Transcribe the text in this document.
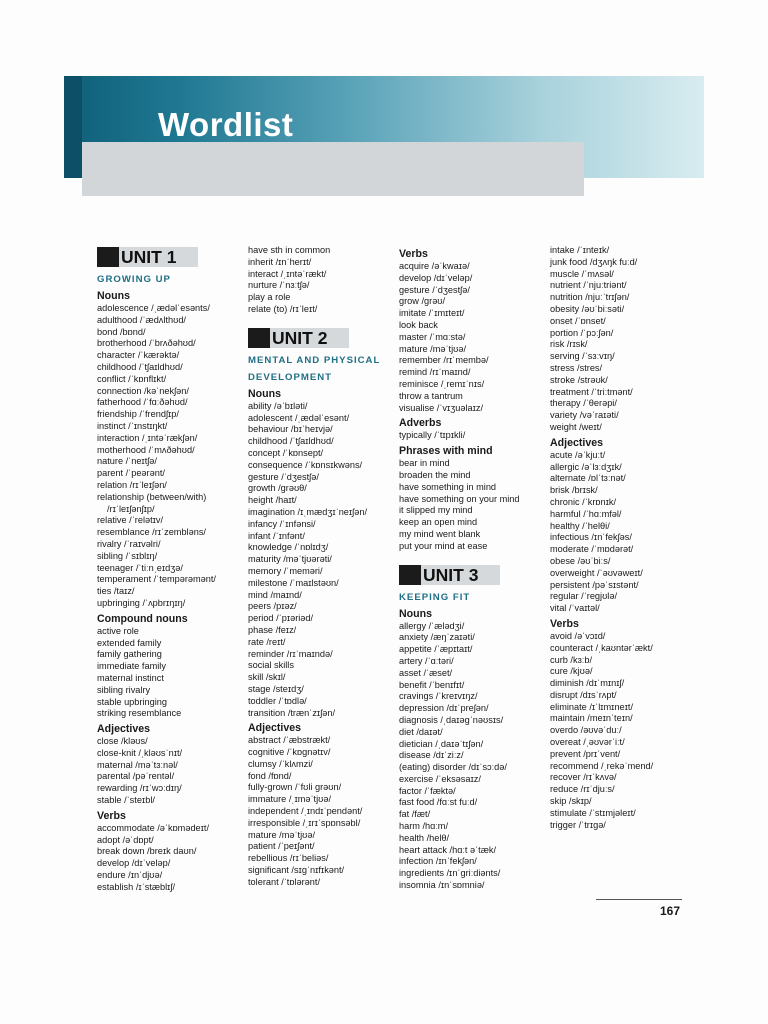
Wordlist
UNIT 1
GROWING UP
Nouns
adolescence /ˌædəlˈesənts/
adulthood /ˈædʌlthʊd/
bond /bɒnd/
brotherhood /ˈbrʌðəhʊd/
character /ˈkærəktə/
childhood /ˈtʃaɪldhʊd/
conflict /ˈkɒnflɪkt/
connection /kəˈnekʃən/
fatherhood /ˈfɑːðəhʊd/
friendship /ˈfrendʃɪp/
instinct /ˈɪnstɪŋkt/
interaction /ˌɪntəˈrækʃən/
motherhood /ˈmʌðəhʊd/
nature /ˈneɪtʃə/
parent /ˈpeərənt/
relation /rɪˈleɪʃən/
relationship (between/with)
/rɪˈleɪʃənʃɪp/
relative /ˈrelətɪv/
resemblance /rɪˈzembləns/
rivalry /ˈraɪvəlri/
sibling /ˈsɪblɪŋ/
teenager /ˈtiːnˌeɪdʒə/
temperament /ˈtempərəmənt/
ties /taɪz/
upbringing /ˈʌpbrɪŋɪŋ/
Compound nouns
active role
extended family
family gathering
immediate family
maternal instinct
sibling rivalry
stable upbringing
striking resemblance
Adjectives
close /kləʊs/
close-knit /ˌkləʊsˈnɪt/
maternal /məˈtɜːnəl/
parental /pəˈrentəl/
rewarding /rɪˈwɔːdɪŋ/
stable /ˈsteɪbl/
Verbs
accommodate /əˈkɒmədeɪt/
adopt /əˈdɒpt/
break down /breɪk daʊn/
develop /dɪˈveləp/
endure /ɪnˈdjʊə/
establish /ɪˈstæblɪʃ/
have sth in common
inherit /ɪnˈherɪt/
interact /ˌɪntəˈrækt/
nurture /ˈnɜːtʃə/
play a role
relate (to) /rɪˈleɪt/
UNIT 2
MENTAL AND PHYSICAL
DEVELOPMENT
Nouns
ability /əˈbɪləti/
adolescent /ˌædəlˈesənt/
behaviour /bɪˈheɪvjə/
childhood /ˈtʃaɪldhʊd/
concept /ˈkɒnsept/
consequence /ˈkɒnsɪkwəns/
gesture /ˈdʒestʃə/
growth /grəʊθ/
height /haɪt/
imagination /ɪˌmædʒɪˈneɪʃən/
infancy /ˈɪnfənsi/
infant /ˈɪnfənt/
knowledge /ˈnɒlɪdʒ/
maturity /məˈtjʊərəti/
memory /ˈmeməri/
milestone /ˈmaɪlstəʊn/
mind /maɪnd/
peers /pɪəz/
period /ˈpɪəriəd/
phase /feɪz/
rate /reɪt/
reminder /rɪˈmaɪndə/
social skills
skill /skɪl/
stage /steɪdʒ/
toddler /ˈtɒdlə/
transition /trænˈzɪʃən/
Adjectives
abstract /ˈæbstrækt/
cognitive /ˈkɒgnətɪv/
clumsy /ˈklʌmzi/
fond /fɒnd/
fully-grown /ˈfʊli grəʊn/
immature /ˌɪməˈtjʊə/
independent /ˌɪndɪˈpendənt/
irresponsible /ˌɪrɪˈspɒnsəbl/
mature /məˈtjʊə/
patient /ˈpeɪʃənt/
rebellious /rɪˈbeliəs/
significant /sɪgˈnɪfɪkənt/
tolerant /ˈtɒlərənt/
Verbs
acquire /əˈkwaɪə/
develop /dɪˈveləp/
gesture /ˈdʒestʃə/
grow /grəʊ/
imitate /ˈɪmɪteɪt/
look back
master /ˈmɑːstə/
mature /məˈtjʊə/
remember /rɪˈmembə/
remind /rɪˈmaɪnd/
reminisce /ˌremɪˈnɪs/
throw a tantrum
visualise /ˈvɪʒuəlaɪz/
Adverbs
typically /ˈtɪpɪkli/
Phrases with mind
bear in mind
broaden the mind
have something in mind
have something on your mind
it slipped my mind
keep an open mind
my mind went blank
put your mind at ease
UNIT 3
KEEPING FIT
Nouns
allergy /ˈælədʒi/
anxiety /æŋˈzaɪəti/
appetite /ˈæpɪtaɪt/
artery /ˈɑːtəri/
asset /ˈæset/
benefit /ˈbenɪfɪt/
cravings /ˈkreɪvɪŋz/
depression /dɪˈpreʃən/
diagnosis /ˌdaɪəgˈnəʊsɪs/
diet /daɪət/
dietician /ˌdaɪəˈtɪʃən/
disease /dɪˈziːz/
(eating) disorder /dɪˈsɔːdə/
exercise /ˈeksəsaɪz/
factor /ˈfæktə/
fast food /fɑːst fuːd/
fat /fæt/
harm /hɑːm/
health /helθ/
heart attack /hɑːt əˈtæk/
infection /ɪnˈfekʃən/
ingredients /ɪnˈgriːdiənts/
insomnia /ɪnˈsɒmniə/
intake /ˈɪnteɪk/
junk food /dʒʌŋk fuːd/
muscle /ˈmʌsəl/
nutrient /ˈnjuːtriənt/
nutrition /njuːˈtrɪʃən/
obesity /əʊˈbiːsəti/
onset /ˈɒnset/
portion /ˈpɔːʃən/
risk /rɪsk/
serving /ˈsɜːvɪŋ/
stress /stres/
stroke /strəʊk/
treatment /ˈtriːtmənt/
therapy /ˈθerəpi/
variety /vəˈraɪəti/
weight /weɪt/
Adjectives
acute /əˈkjuːt/
allergic /əˈlɜːdʒɪk/
alternate /ɒlˈtɜːnət/
brisk /brɪsk/
chronic /ˈkrɒnɪk/
harmful /ˈhɑːmfəl/
healthy /ˈhelθi/
infectious /ɪnˈfekʃəs/
moderate /ˈmɒdərət/
obese /əʊˈbiːs/
overweight /ˈəʊvəweɪt/
persistent /pəˈsɪstənt/
regular /ˈregjʊlə/
vital /ˈvaɪtəl/
Verbs
avoid /əˈvɔɪd/
counteract /ˌkaʊntərˈækt/
curb /kɜːb/
cure /kjʊə/
diminish /dɪˈmɪnɪʃ/
disrupt /dɪsˈrʌpt/
eliminate /ɪˈlɪmɪneɪt/
maintain /meɪnˈteɪn/
overdo /əʊvəˈduː/
overeat /ˌəʊvərˈiːt/
prevent /prɪˈvent/
recommend /ˌrekəˈmend/
recover /rɪˈkʌvə/
reduce /rɪˈdjuːs/
skip /skɪp/
stimulate /ˈstɪmjəleɪt/
trigger /ˈtrɪgə/
167
